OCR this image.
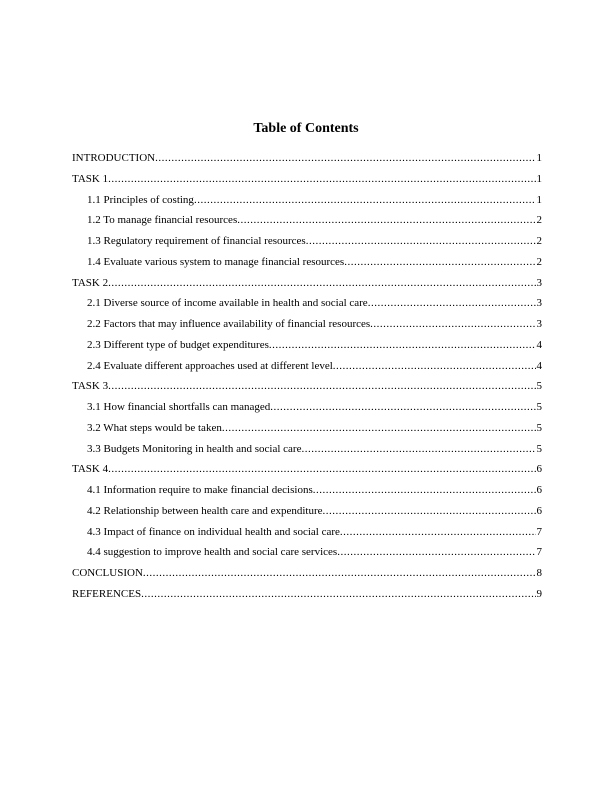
Table of Contents
INTRODUCTION .....	1
TASK 1 .....	1
1.1 Principles of costing .....	1
1.2 To manage financial resources .....	2
1.3 Regulatory requirement of financial resources .....	2
1.4 Evaluate various system to manage financial resources .....	2
TASK 2 .....	3
2.1 Diverse source of income available in health and social care .....	3
2.2 Factors that may influence availability of financial resources .....	3
2.3 Different type of budget expenditures .....	4
2.4 Evaluate different approaches used at different level .....	4
TASK 3 .....	5
3.1 How financial shortfalls can managed .....	5
3.2 What steps would be taken .....	5
3.3 Budgets Monitoring in health and social care .....	5
TASK 4 .....	6
4.1 Information require to make financial decisions .....	6
4.2 Relationship between health care and expenditure .....	6
4.3 Impact of finance on individual health and social care .....	7
4.4 suggestion to improve health and social care services .....	7
CONCLUSION .....	8
REFERENCES .....	9
